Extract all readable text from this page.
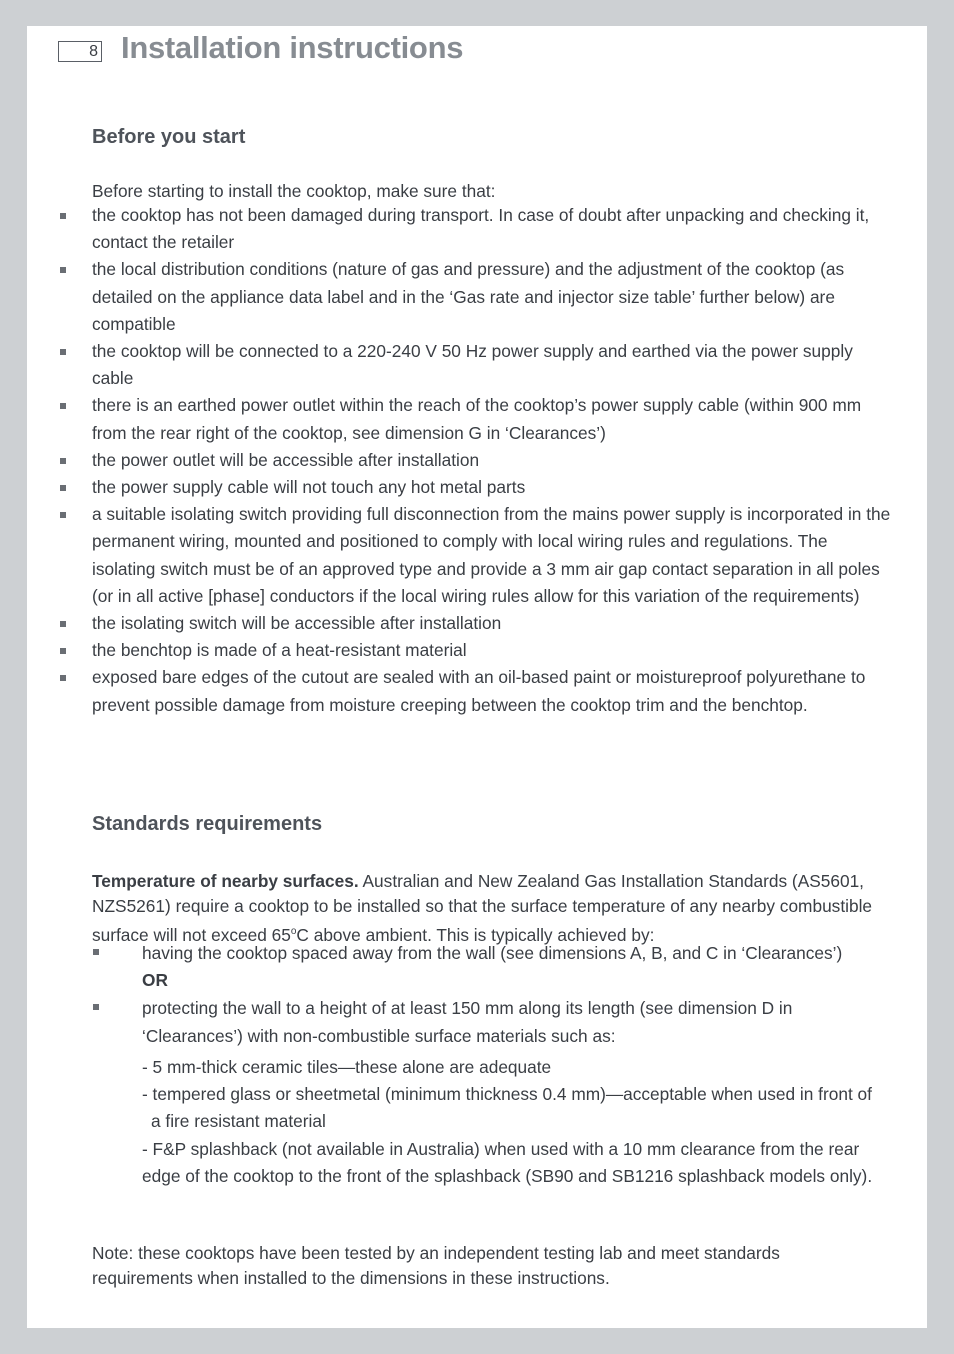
8 Installation instructions
Before you start

Before starting to install the cooktop, make sure that:

the cooktop has not been damaged during transport. In case of doubt after unpacking and checking it, contact the retailer
the local distribution conditions (nature of gas and pressure) and the adjustment of the cooktop (as detailed on the appliance data label and in the ‘Gas rate and injector size table’ further below) are compatible
the cooktop will be connected to a 220-240 V 50 Hz power supply and earthed via the power supply cable
there is an earthed power outlet within the reach of the cooktop’s power supply cable (within 900 mm from the rear right of the cooktop, see dimension G in ‘Clearances’)
the power outlet will be accessible after installation
the power supply cable will not touch any hot metal parts
a suitable isolating switch providing full disconnection from the mains power supply is incorporated in the permanent wiring, mounted and positioned to comply with local wiring rules and regulations. The isolating switch must be of an approved type and provide a 3 mm air gap contact separation in all poles (or in all active [phase] conductors if the local wiring rules allow for this variation of the requirements)
the isolating switch will be accessible after installation
the benchtop is made of a heat-resistant material
exposed bare edges of the cutout are sealed with an oil-based paint or moistureproof polyurethane to prevent possible damage from moisture creeping between the cooktop trim and the benchtop.
Standards requirements

Temperature of nearby surfaces. Australian and New Zealand Gas Installation Standards (AS5601, NZS5261) require a cooktop to be installed so that the surface temperature of any nearby combustible surface will not exceed 65$^o$C above ambient. This is typically achieved by:

having the cooktop spaced away from the wall (see dimensions A, B, and C in ‘Clearances’)
OR
protecting the wall to a height of at least 150 mm along its length (see dimension D in ‘Clearances’) with non-combustible surface materials such as:
- 5 mm-thick ceramic tiles—these alone are adequate
- tempered glass or sheetmetal (minimum thickness 0.4 mm)—acceptable when used in front of a fire resistant material
- F&P splashback (not available in Australia) when used with a 10 mm clearance from the rear edge of the cooktop to the front of the splashback (SB90 and SB1216 splashback models only).

Note: these cooktops have been tested by an independent testing lab and meet standards requirements when installed to the dimensions in these instructions.
